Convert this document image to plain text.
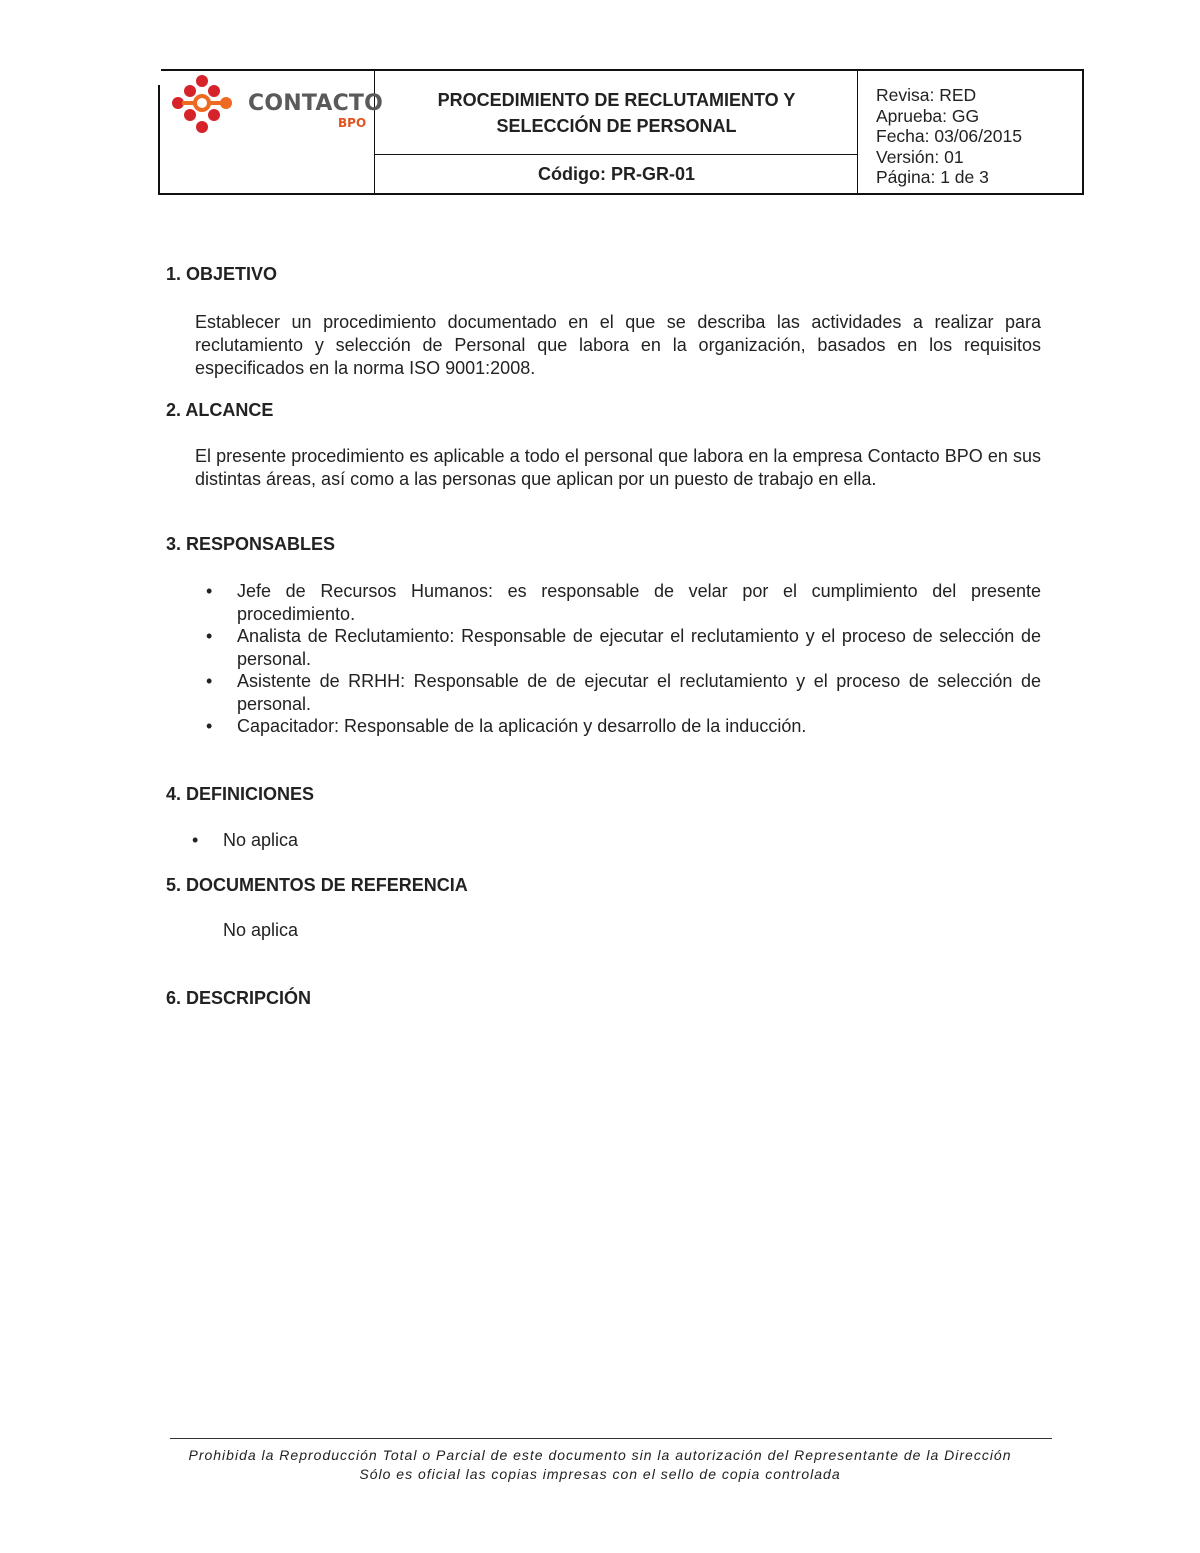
CONTACTO
BPO
PROCEDIMIENTO DE RECLUTAMIENTO Y
SELECCIÓN DE PERSONAL
Código: PR-GR-01
Revisa: RED
Aprueba: GG
Fecha: 03/06/2015
Versión: 01
Página: 1 de 3
1. OBJETIVO
Establecer un procedimiento documentado en el que se describa las actividades a realizar para reclutamiento y selección de Personal que labora en la organización, basados en los requisitos especificados en la norma ISO 9001:2008.
2. ALCANCE
El presente procedimiento es aplicable a todo el personal que labora en la empresa Contacto BPO en sus distintas áreas, así como a las personas que aplican por un puesto de trabajo en ella.
3. RESPONSABLES
•	Jefe de Recursos Humanos: es responsable de velar por el cumplimiento del presente procedimiento.
•	Analista de Reclutamiento: Responsable de ejecutar el reclutamiento y el proceso de selección de personal.
•	Asistente de RRHH: Responsable de de ejecutar el reclutamiento y el proceso de selección de personal.
•	Capacitador: Responsable de la aplicación y desarrollo de la inducción.
4. DEFINICIONES
•	No aplica
5. DOCUMENTOS DE REFERENCIA
No aplica
6. DESCRIPCIÓN
Prohibida la Reproducción Total o Parcial de este documento sin la autorización del Representante de la Dirección
Sólo es oficial las copias impresas con el sello de copia controlada
